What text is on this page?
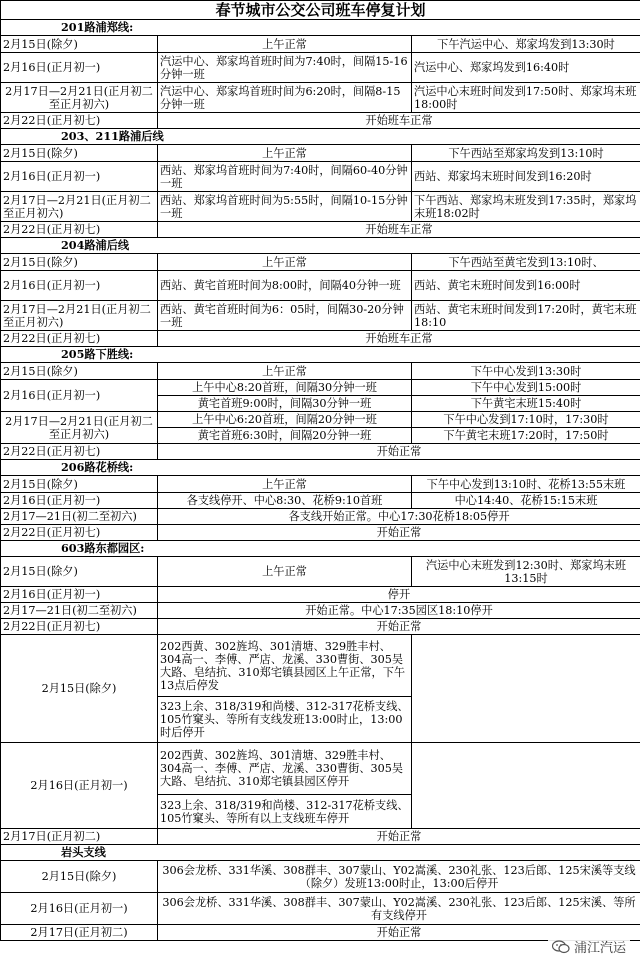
春节城市公交公司班车停复计划		
201路浦郑线:		
2月15日(除夕)	上午正常	下午汽运中心、郑家坞发到13:30时
2月16日(正月初一)	汽运中心、郑家坞首班时间为7:40时，间隔15-16分钟一班	汽运中心、郑家坞发到16:40时
2月17日—2月21日(正月初二至正月初六)	汽运中心、郑家坞首班时间为6:20时，间隔8-15分钟一班	汽运中心末班时间发到17:50时、郑家坞末班18:00时
2月22日(正月初七)	开始班车正常	
203、211路浦后线		
2月15日(除夕)	上午正常	下午西站至郑家坞发到13:10时
2月16日(正月初一)	西站、郑家坞首班时间为7:40时，间隔60-40分钟一班	西站、郑家坞末班时间发到16:20时
2月17日—2月21日(正月初二至正月初六)	西站、郑家坞首班时间为5:55时，间隔10-15分钟一班	下午西站、郑家坞末班发到17:35时，郑家坞末班18:02时
2月22日(正月初七)	开始班车正常	
204路浦后线		
2月15日(除夕)	上午正常	下午西站至黄宅发到13:10时、
2月16日(正月初一)	西站、黄宅首班时间为8:00时，间隔40分钟一班	西站、黄宅末班时间发到16:00时
2月17日—2月21日(正月初二至正月初六)	西站、黄宅首班时间为6：05时，间隔30-20分钟一班	西站、黄宅末班时间发到17:20时，黄宅末班18:10
2月22日(正月初七)	开始班车正常	
205路下胜线:		
2月15日(除夕)	上午正常	下午中心发到13:30时
2月16日(正月初一)	上午中心8:20首班，间隔30分钟一班	下午中心发到15:00时
	黄宅首班9:00时，间隔30分钟一班	下午黄宅末班15:40时
2月17日—2月21日(正月初二至正月初六)	上午中心6:20首班，间隔20分钟一班	下午中心发到17:10时，17:30时
	黄宅首班6:30时，间隔20分钟一班	下午黄宅末班17:20时，17:50时
2月22日(正月初七)	开始正常	
206路花桥线:		
2月15日(除夕)	上午正常	下午中心发到13:10时、花桥13:55末班
2月16日(正月初一)	各支线停开、中心8:30、花桥9:10首班	中心14:40、花桥15:15末班
2月17—21日(初二至初六)	各支线开始正常。中心17:30花桥18:05停开	
2月22日(正月初七)	开始正常	
603路东都园区:		
2月15日(除夕)	上午正常	汽运中心末班发到12:30时、郑家坞末班13:15时
2月16日(正月初一)	停开	
2月17—21日(初二至初六)	开始正常。中心17:35园区18:10停开	
2月22日(正月初七)	开始正常	
2月15日(除夕)	202西黄、302旌坞、301清塘、329胜丰村、304高一、李傅、严店、龙溪、330曹街、305吴大路、皂结抗、310郑宅镇县园区上午正常，下午13点后停发	
	323上余、318/319和尚楼、312-317花桥支线、105竹窠头、等所有支线发班13:00时止，13:00时后停开	
2月16日(正月初一)	202西黄、302旌坞、301清塘、329胜丰村、304高一、李傅、严店、龙溪、330曹街、305吴大路、皂结抗、310郑宅镇县园区停开	
	323上余、318/319和尚楼、312-317花桥支线、105竹窠头、等所有以上支线班车停开	
2月17日(正月初二)	开始正常	
岩头支线		
2月15日(除夕)	306会龙桥、331华溪、308群丰、307蒙山、Y02嵩溪、230礼张、123后郎、125宋溪等支线（除夕）发班13:00时止，13:00后停开	
2月16日(正月初一)	306会龙桥、331华溪、308群丰、307蒙山、Y02嵩溪、230礼张、123后郎、125宋溪、等所有支线停开	
2月17日(正月初二)	开始正常	
浦江汽运
